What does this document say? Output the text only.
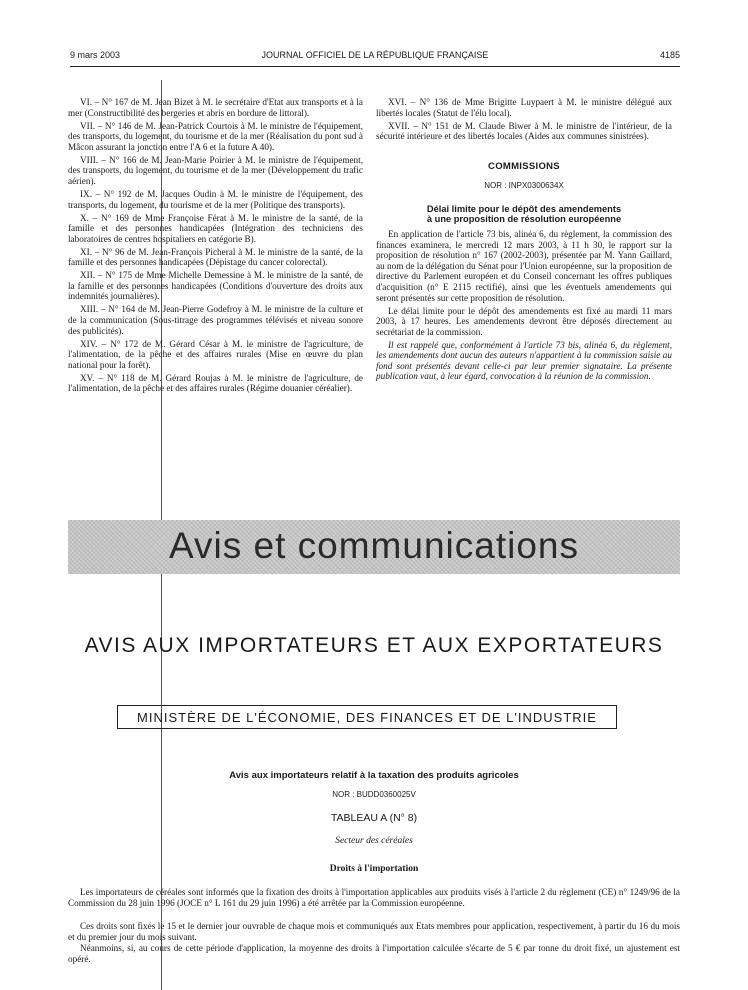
9 mars 2003	JOURNAL OFFICIEL DE LA RÉPUBLIQUE FRANÇAISE	4185

VI. – N° 167 de M. Jean Bizet à M. le secrétaire d'Etat aux transports et à la mer (Constructibilité des bergeries et abris en bordure de littoral).

VII. – N° 146 de M. Jean-Patrick Courtois à M. le ministre de l'équipement, des transports, du logement, du tourisme et de la mer (Réalisation du pont sud à Mâcon assurant la jonction entre l'A 6 et la future A 40).

VIII. – N° 166 de M. Jean-Marie Poirier à M. le ministre de l'équipement, des transports, du logement, du tourisme et de la mer (Développement du trafic aérien).

IX. – N° 192 de M. Jacques Oudin à M. le ministre de l'équipement, des transports, du logement, du tourisme et de la mer (Politique des transports).

X. – N° 169 de Mme Françoise Férat à M. le ministre de la santé, de la famille et des personnes handicapées (Intégration des techniciens des laboratoires de centres hospitaliers en catégorie B).

XI. – N° 96 de M. Jean-François Picheral à M. le ministre de la santé, de la famille et des personnes handicapées (Dépistage du cancer colorectal).

XII. – N° 175 de Mme Michelle Demessine à M. le ministre de la santé, de la famille et des personnes handicapées (Conditions d'ouverture des droits aux indemnités journalières).

XIII. – N° 164 de M. Jean-Pierre Godefroy à M. le ministre de la culture et de la communication (Sous-titrage des programmes télévisés et niveau sonore des publicités).

XIV. – N° 172 de M. Gérard César à M. le ministre de l'agriculture, de l'alimentation, de la pêche et des affaires rurales (Mise en œuvre du plan national pour la forêt).

XV. – N° 118 de M. Gérard Roujas à M. le ministre de l'agriculture, de l'alimentation, de la pêche et des affaires rurales (Régime douanier céréalier).

XVI. – N° 136 de Mme Brigitte Luypaert à M. le ministre délégué aux libertés locales (Statut de l'élu local).

XVII. – N° 151 de M. Claude Biwer à M. le ministre de l'intérieur, de la sécurité intérieure et des libertés locales (Aides aux communes sinistrées).

COMMISSIONS

NOR : INPX0300634X

Délai limite pour le dépôt des amendements
à une proposition de résolution européenne

En application de l'article 73 bis, alinéa 6, du règlement, la commission des finances examinera, le mercredi 12 mars 2003, à 11 h 30, le rapport sur la proposition de résolution n° 167 (2002-2003), présentée par M. Yann Gaillard, au nom de la délégation du Sénat pour l'Union européenne, sur la proposition de directive du Parlement européen et du Conseil concernant les offres publiques d'acquisition (n° E 2115 rectifié), ainsi que les éventuels amendements qui seront présentés sur cette proposition de résolution.

Le délai limite pour le dépôt des amendements est fixé au mardi 11 mars 2003, à 17 heures. Les amendements devront être déposés directement au secrétariat de la commission.

Il est rappelé que, conformément à l'article 73 bis, alinéa 6, du règlement, les amendements dont aucun des auteurs n'appartient à la commission saisie au fond sont présentés devant celle-ci par leur premier signataire. La présente publication vaut, à leur égard, convocation à la réunion de la commission.

Avis et communications
AVIS AUX IMPORTATEURS ET AUX EXPORTATEURS
MINISTÈRE DE L'ÉCONOMIE, DES FINANCES ET DE L'INDUSTRIE
Avis aux importateurs relatif à la taxation des produits agricoles
NOR : BUDD0360025V
TABLEAU A (N° 8)
Secteur des céréales
Droits à l'importation

Les importateurs de céréales sont informés que la fixation des droits à l'importation applicables aux produits visés à l'article 2 du règlement (CE) n° 1249/96 de la Commission du 28 juin 1996 (JOCE n° L 161 du 29 juin 1996) a été arrêtée par la Commission européenne.

Ces droits sont fixés le 15 et le dernier jour ouvrable de chaque mois et communiqués aux Etats membres pour application, respectivement, à partir du 16 du mois et du premier jour du mois suivant.

Néanmoins, si, au cours de cette période d'application, la moyenne des droits à l'importation calculée s'écarte de 5 € par tonne du droit fixé, un ajustement est opéré.
